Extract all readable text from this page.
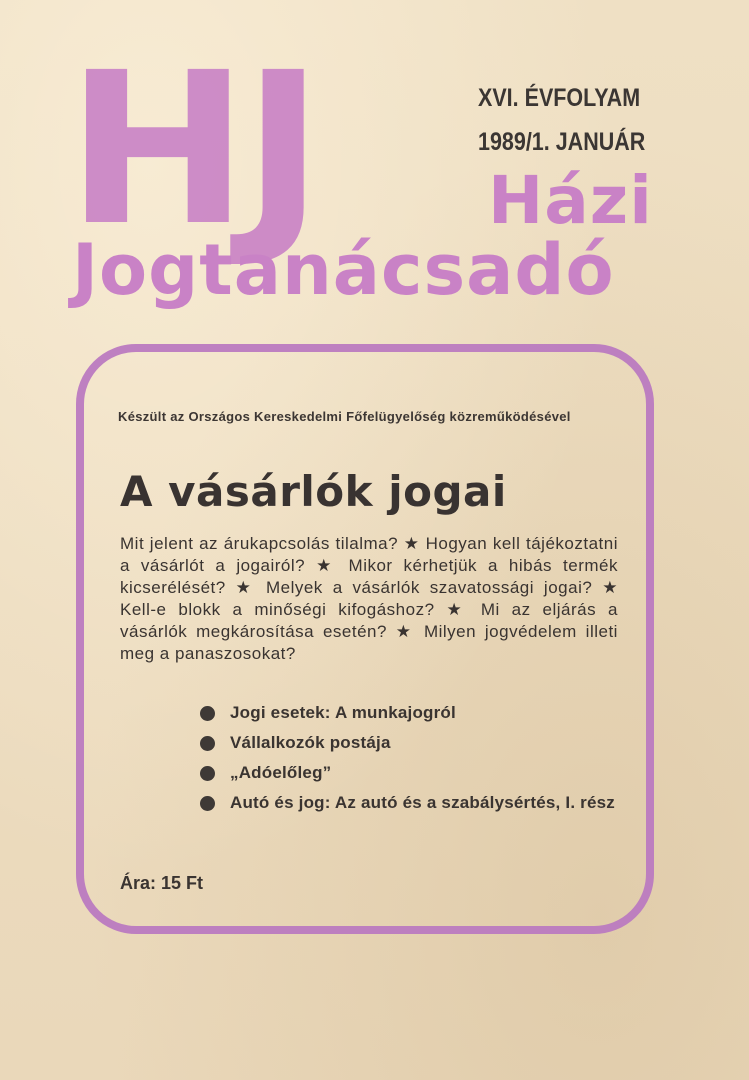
HJ	XVI. ÉVFOLYAM
1989/1. JANUÁR
Házi
Jogtanácsadó
Készült az Országos Kereskedelmi Főfelügyelőség közreműködésével
A vásárlók jogai

Mit jelent az árukapcsolás tilalma? ★ Hogyan kell tájékoztatni a vásárlót a jogairól? ★ Mikor kérhetjük a hibás termék kicserélését? ★ Melyek a vásárlók szavatossági jogai? ★ Kell-e blokk a minőségi kifogáshoz? ★ Mi az eljárás a vásárlók megkárosítása esetén? ★ Milyen jogvédelem illeti meg a panaszosokat?

Jogi esetek: A munkajogról
Vállalkozók postája
„Adóelőleg”
Autó és jog: Az autó és a szabálysértés, I. rész
Ára: 15 Ft
